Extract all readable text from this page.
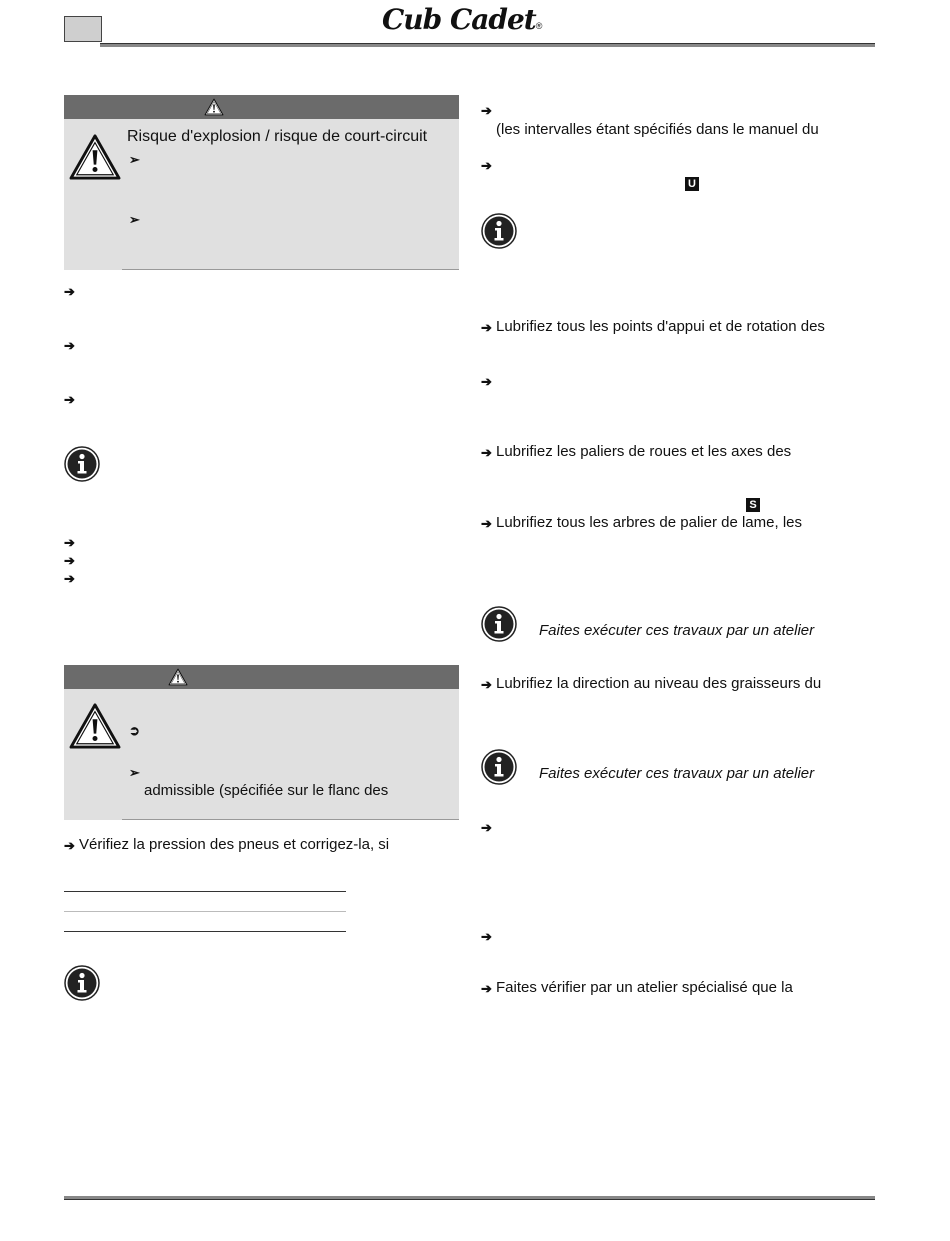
Cub Cadet®
Risque d'explosion / risque de court-circuit
➢
➢
➔
➔
➔
➔
➔
➔
➲
➢
admissible (spécifiée sur le flanc des
➔ Vérifiez la pression des pneus et corrigez-la, si
➔
(les intervalles étant spécifiés dans le manuel du
➔
U
➔ Lubrifiez tous les points d'appui et de rotation des
➔
➔ Lubrifiez les paliers de roues et les axes des
S
➔ Lubrifiez tous les arbres de palier de lame, les
Faites exécuter ces travaux par un atelier
➔ Lubrifiez la direction au niveau des graisseurs du
Faites exécuter ces travaux par un atelier
➔
➔
➔ Faites vérifier par un atelier spécialisé que la
